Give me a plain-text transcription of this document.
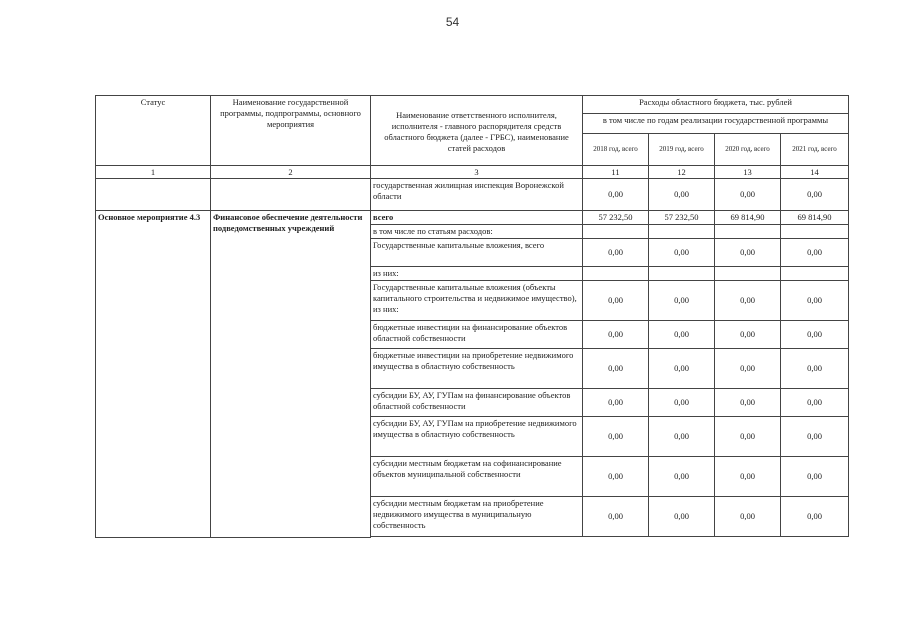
54
Статус	Наименование государственной программы, подпрограммы, основного мероприятия	Наименование ответственного исполнителя, исполнителя - главного распорядителя средств областного бюджета (далее - ГРБС), наименование статей расходов	Расходы областного бюджета, тыс. рублей			
			в том числе по годам реализации государственной программы			
			2018 год, всего	2019 год, всего	2020 год, всего	2021 год, всего
1	2	3	11	12	13	14
		государственная жилищная инспекция Воронежской области	0,00	0,00	0,00	0,00
Основное мероприятие 4.3	Финансовое обеспечение деятельности подведомственных учреждений	всего	57 232,50	57 232,50	69 814,90	69 814,90
		в том числе по статьям расходов:				
		Государственные капитальные вложения, всего	0,00	0,00	0,00	0,00
		из них:				
		Государственные капитальные вложения (объекты капитального строительства и недвижимое имущество), из них:	0,00	0,00	0,00	0,00
		бюджетные инвестиции на финансирование объектов областной собственности	0,00	0,00	0,00	0,00
		бюджетные инвестиции на приобретение недвижимого имущества в областную собственность	0,00	0,00	0,00	0,00
		субсидии БУ, АУ, ГУПам на финансирование объектов областной собственности	0,00	0,00	0,00	0,00
		субсидии БУ, АУ, ГУПам на приобретение недвижимого имущества в областную собственность	0,00	0,00	0,00	0,00
		субсидии местным бюджетам на софинансирование объектов муниципальной собственности	0,00	0,00	0,00	0,00
		субсидии местным бюджетам на приобретение недвижимого имущества в муниципальную собственность	0,00	0,00	0,00	0,00
